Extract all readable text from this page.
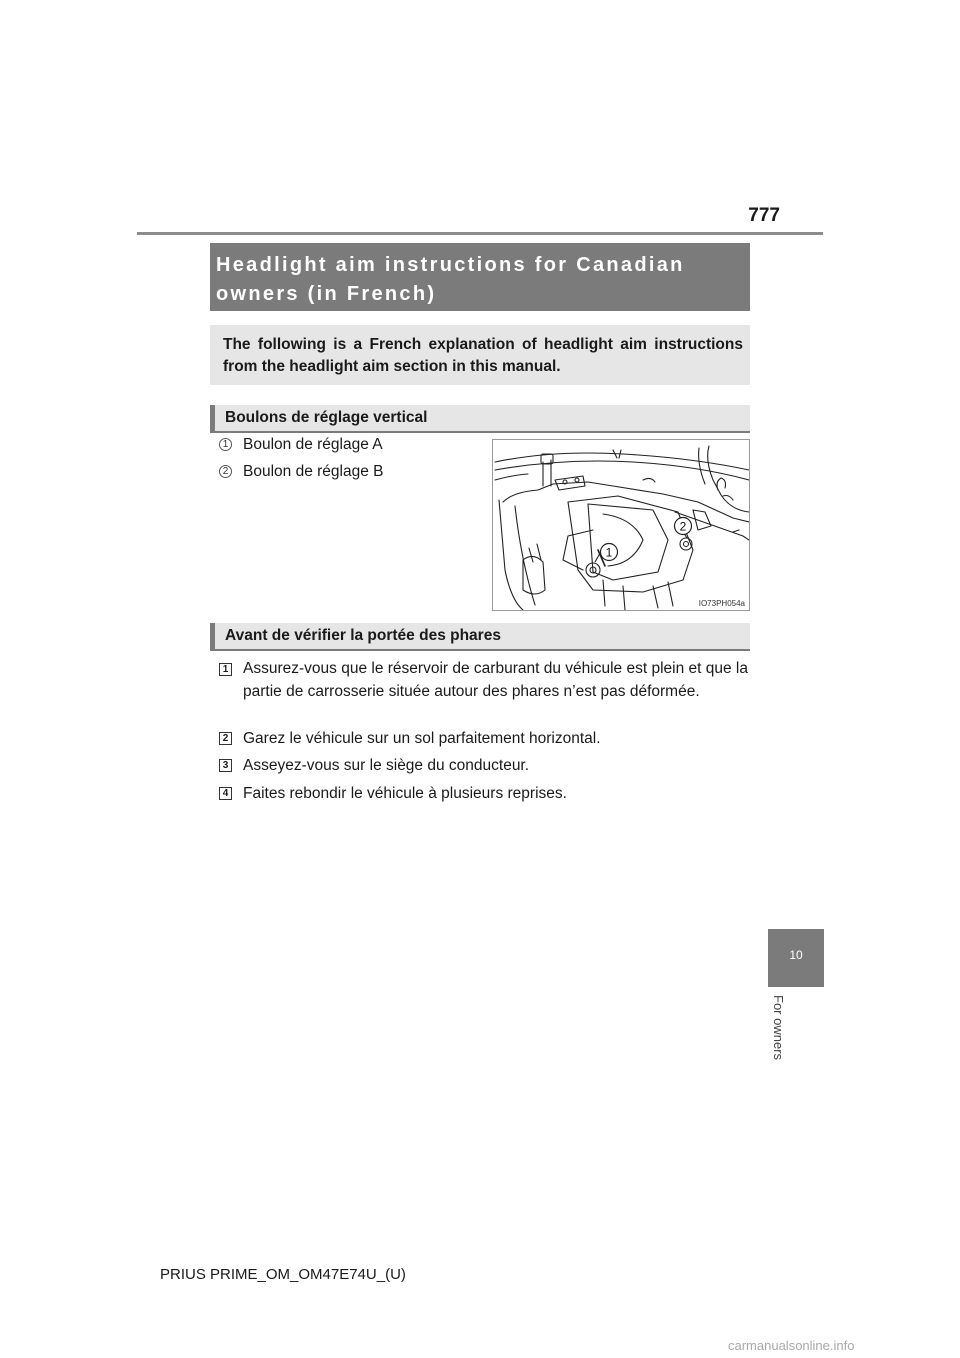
777
Headlight aim instructions for Canadian owners (in French)
The following is a French explanation of headlight aim instructions from the headlight aim section in this manual.
Boulons de réglage vertical
1 Boulon de réglage A
2 Boulon de réglage B
1
2
IO73PH054a
Avant de vérifier la portée des phares
1 Assurez-vous que le réservoir de carburant du véhicule est plein et que la partie de carrosserie située autour des phares n’est pas déformée.
2 Garez le véhicule sur un sol parfaitement horizontal.
3 Asseyez-vous sur le siège du conducteur.
4 Faites rebondir le véhicule à plusieurs reprises.
10
For owners
PRIUS PRIME_OM_OM47E74U_(U)
carmanualsonline.info
